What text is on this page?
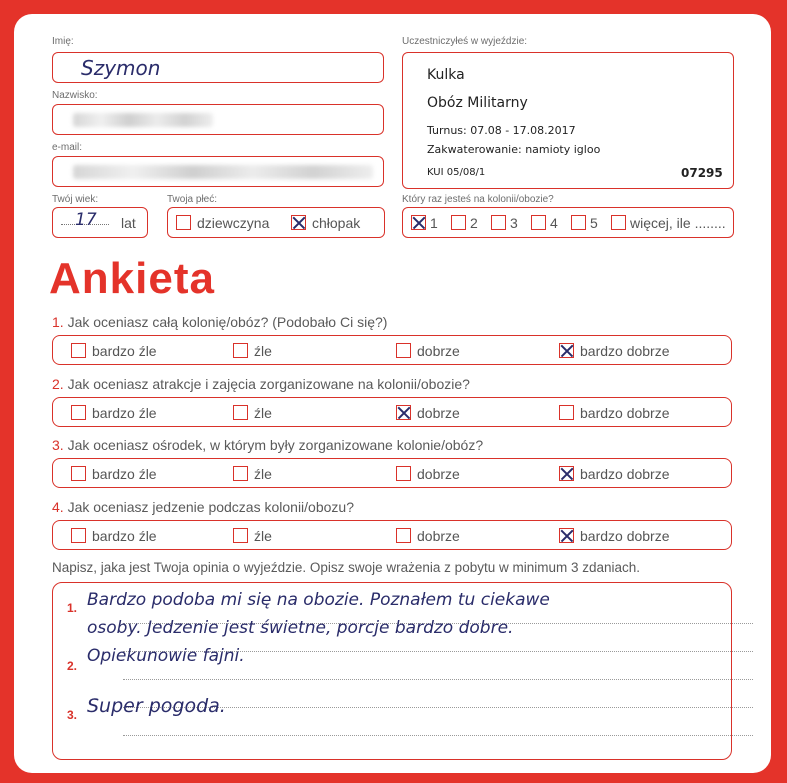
Imię:
Szymon
Nazwisko:
e-mail:
Twój wiek:
17 lat
Twoja płeć:
dziewczyna	chłopak
Uczestniczyłeś w wyjeździe:
Kulka
Obóz Militarny
Turnus: 07.08 - 17.08.2017
Zakwaterowanie: namioty igloo
KUI 05/08/1	07295
Który raz jesteś na kolonii/obozie?
1	2	3	4	5	więcej, ile ........
Ankieta
1. Jak oceniasz całą kolonię/obóz? (Podobało Ci się?)
bardzo źle	źle	dobrze	bardzo dobrze
2. Jak oceniasz atrakcje i zajęcia zorganizowane na kolonii/obozie?
bardzo źle	źle	dobrze	bardzo dobrze
3. Jak oceniasz ośrodek, w którym były zorganizowane kolonie/obóz?
bardzo źle	źle	dobrze	bardzo dobrze
4. Jak oceniasz jedzenie podczas kolonii/obozu?
bardzo źle	źle	dobrze	bardzo dobrze
Napisz, jaka jest Twoja opinia o wyjeździe. Opisz swoje wrażenia z pobytu w minimum 3 zdaniach.
1.
2.
3.
Bardzo podoba mi się na obozie. Poznałem tu ciekawe
osoby. Jedzenie jest świetne, porcje bardzo dobre.
Opiekunowie fajni.
Super pogoda.
